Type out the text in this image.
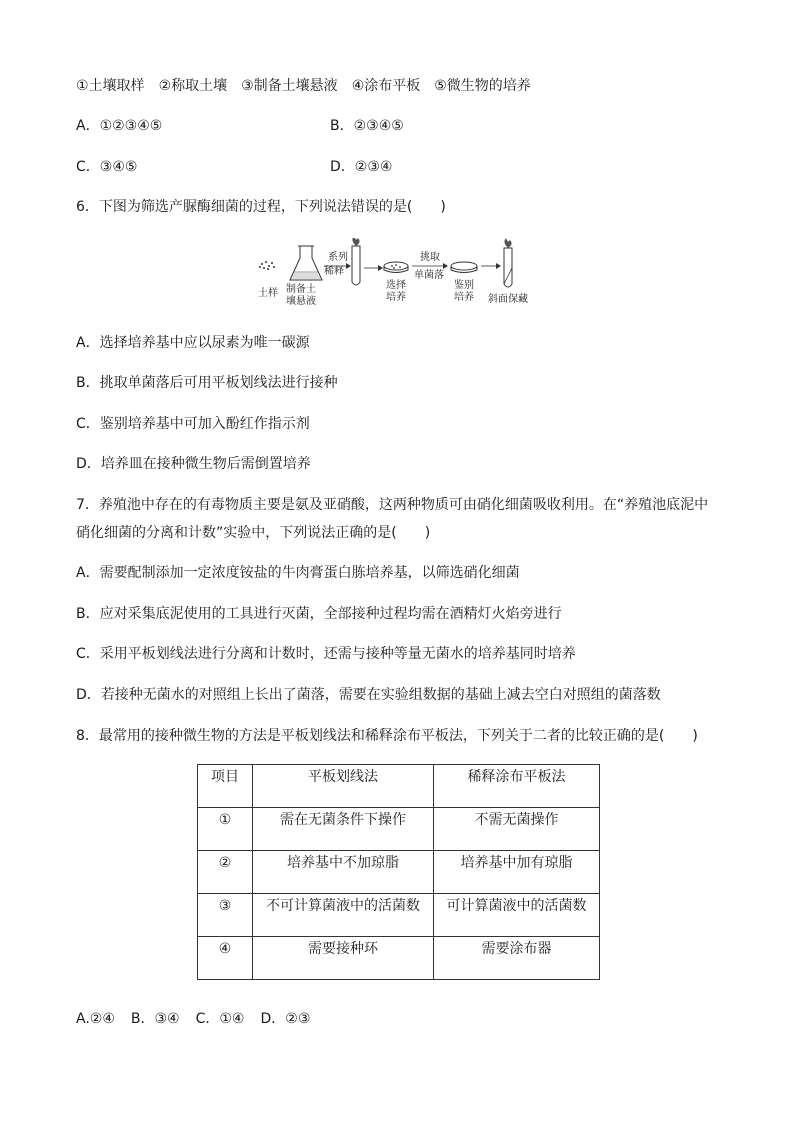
①土壤取样 ②称取土壤 ③制备土壤悬液 ④涂布平板 ⑤微生物的培养
A．①②③④⑤	B．②③④⑤
C．③④⑤	D．②③④
6．下图为筛选产脲酶细菌的过程，下列说法错误的是(　　)
土样 制备土
壤悬液
系列
稀释
选择
培养
挑取
单菌落
鉴别
培养 斜面保藏
A．选择培养基中应以尿素为唯一碳源
B．挑取单菌落后可用平板划线法进行接种
C．鉴别培养基中可加入酚红作指示剂
D．培养皿在接种微生物后需倒置培养
7．养殖池中存在的有毒物质主要是氨及亚硝酸，这两种物质可由硝化细菌吸收利用。在“养殖池底泥中
硝化细菌的分离和计数”实验中，下列说法正确的是(　　)
A．需要配制添加一定浓度铵盐的牛肉膏蛋白胨培养基，以筛选硝化细菌
B．应对采集底泥使用的工具进行灭菌，全部接种过程均需在酒精灯火焰旁进行
C．采用平板划线法进行分离和计数时，还需与接种等量无菌水的培养基同时培养
D．若接种无菌水的对照组上长出了菌落，需要在实验组数据的基础上减去空白对照组的菌落数
8．最常用的接种微生物的方法是平板划线法和稀释涂布平板法，下列关于二者的比较正确的是(　　)
项目	平板划线法	稀释涂布平板法
①	需在无菌条件下操作	不需无菌操作
②	培养基中不加琼脂	培养基中加有琼脂
③	不可计算菌液中的活菌数	可计算菌液中的活菌数
④	需要接种环	需要涂布器
A.②④ B．③④ C．①④ D．②③
